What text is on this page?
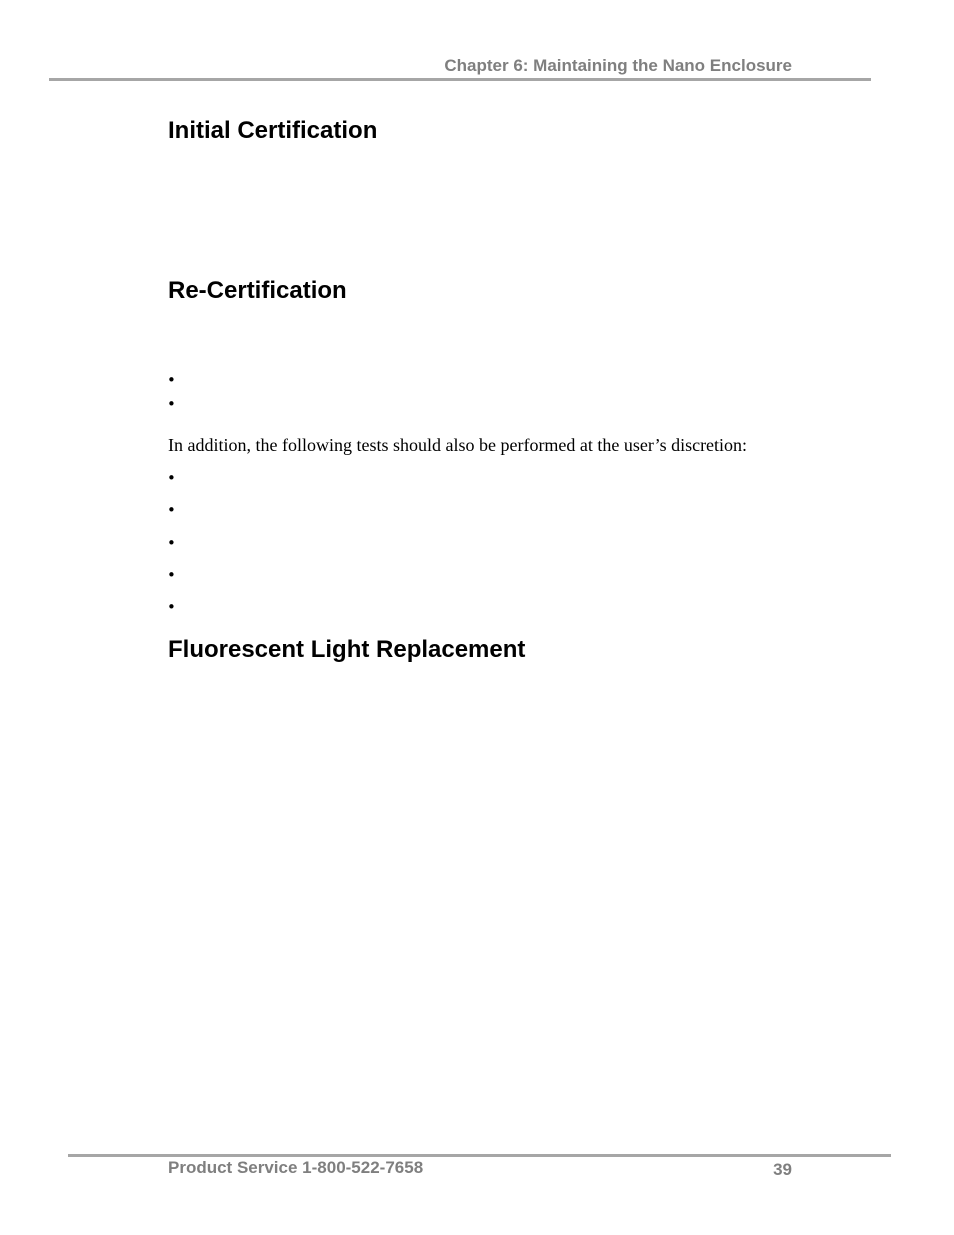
Chapter 6: Maintaining the Nano Enclosure
Initial Certification
Re-Certification
•
•
In addition, the following tests should also be performed at the user’s discretion:
•
•
•
•
•
Fluorescent Light Replacement
Product Service 1-800-522-7658	39
